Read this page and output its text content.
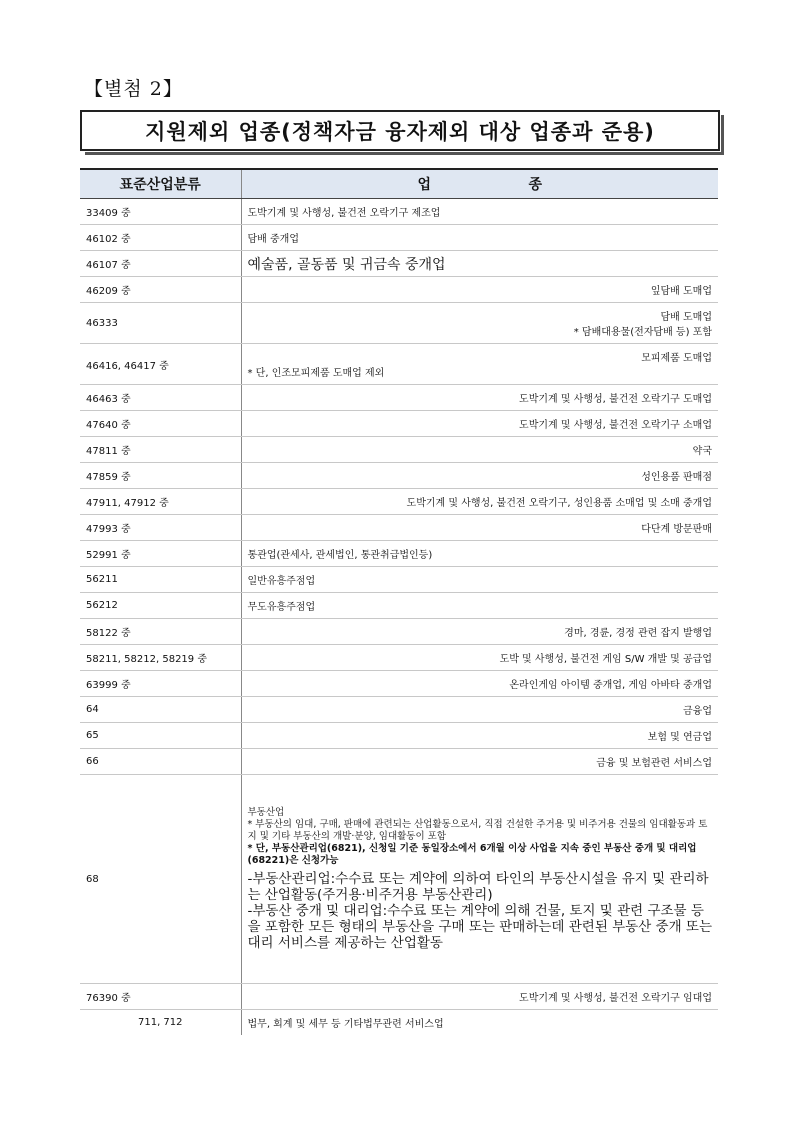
【별첨 2】
지원제외 업종(정책자금 융자제외 대상 업종과 준용)
표준산업분류	업                    종
33409 중	도박기계 및 사행성, 불건전 오락기구 제조업
46102 중	담배 중개업
46107 중	예술품, 골동품 및 귀금속 중개업
46209 중	잎담배 도매업
46333	담배 도매업
* 담배대용물(전자담배 등) 포함

46416, 46417 중	모피제품 도매업
* 단, 인조모피제품 도매업 제외

46463 중	도박기계 및 사행성, 불건전 오락기구 도매업
47640 중	도박기계 및 사행성, 불건전 오락기구 소매업
47811 중	약국
47859 중	성인용품 판매점
47911, 47912 중	도박기계 및 사행성, 불건전 오락기구, 성인용품 소매업 및 소매 중개업
47993 중	다단계 방문판매
52991 중	통관업(관세사, 관세법인, 통관취급법인등)
56211	일반유흥주점업
56212	무도유흥주점업
58122 중	경마, 경륜, 경정 관련 잡지 발행업
58211, 58212, 58219 중	도박 및 사행성, 불건전 게임 S/W 개발 및 공급업
63999 중	온라인게임 아이템 중개업, 게임 아바타 중개업
64	금융업
65	보험 및 연금업
66	금융 및 보험관련 서비스업
68	부동산업
* 부동산의 임대, 구매, 판매에 관련되는 산업활동으로서, 직접 건설한 주거용 및 비주거용 건물의 임대활동과 토지 및 기타 부동산의 개발·분양, 임대활동이 포함
* 단, 부동산관리업(6821), 신청일 기준 동일장소에서 6개월 이상 사업을 지속 중인 부동산 중개 및 대리업(68221)은 신청가능
-부동산관리업:수수료 또는 계약에 의하여 타인의 부동산시설을 유지 및 관리하는 산업활동(주거용·비주거용 부동산관리)
-부동산 중개 및 대리업:수수료 또는 계약에 의해 건물, 토지 및 관련 구조물 등을 포함한 모든 형태의 부동산을 구매 또는 판매하는데 관련된 부동산 중개 또는 대리 서비스를 제공하는 산업활동

76390 중	도박기계 및 사행성, 불건전 오락기구 임대업
711, 712	법무, 회계 및 세무 등 기타법무관련 서비스업
